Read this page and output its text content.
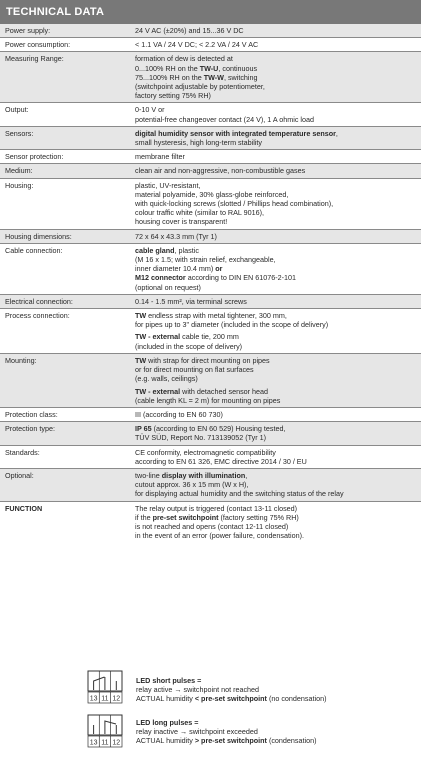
TECHNICAL DATA
Power supply:	24 V AC (±20%) and 15...36 V DC

Power consumption:	< 1.1 VA / 24 V DC; < 2.2 VA / 24 V AC

Measuring Range:	formation of dew is detected at
0...100% RH on the TW-U, continuous
75...100% RH on the TW-W, switching
(switchpoint adjustable by potentiometer,
factory setting 75% RH)

Output:	0-10 V or
potential-free changeover contact (24 V), 1 A ohmic load

Sensors:	digital humidity sensor with integrated temperature sensor,
small hysteresis, high long-term stability

Sensor protection:	membrane filter

Medium:	clean air and non-aggressive, non-combustible gases

Housing:	plastic, UV-resistant,
material polyamide, 30% glass-globe reinforced,
with quick-locking screws (slotted / Phillips head combination),
colour traffic white (similar to RAL 9016),
housing cover is transparent!

Housing dimensions:	72 x 64 x 43.3 mm (Tyr 1)

Cable connection:	cable gland, plastic
(M 16 x 1.5; with strain relief, exchangeable,
inner diameter 10.4 mm) or
M12 connector according to DIN EN 61076-2-101
(optional on request)

Electrical connection:	0.14 - 1.5 mm², via terminal screws

Process connection:	TW endless strap with metal tightener, 300 mm,
for pipes up to 3" diameter (included in the scope of delivery)
TW - external cable tie, 200 mm
(included in the scope of delivery)

Mounting:	TW with strap for direct mounting on pipes
or for direct mounting on flat surfaces
(e.g. walls, ceilings)
TW - external with detached sensor head
(cable length KL = 2 m) for mounting on pipes

Protection class:	III (according to EN 60 730)

Protection type:	IP 65 (according to EN 60 529) Housing tested,
TÜV SÜD, Report No. 713139052 (Tyr 1)

Standards:	CE conformity, electromagnetic compatibility
according to EN 61 326, EMC directive 2014 / 30 / EU

Optional:	two-line display with illumination,
cutout approx. 36 x 15 mm (W x H),
for displaying actual humidity and the switching status of the relay

FUNCTION	The relay output is triggered (contact 13-11 closed)
if the pre-set switchpoint (factory setting 75% RH)
is not reached and opens (contact 12-11 closed)
in the event of an error (power failure, condensation).
13 11 12
LED short pulses =
relay active → switchpoint not reached
ACTUAL humidity < pre-set switchpoint (no condensation)
13 11 12
LED long pulses =
relay inactive → switchpoint exceeded
ACTUAL humidity > pre-set switchpoint (condensation)
